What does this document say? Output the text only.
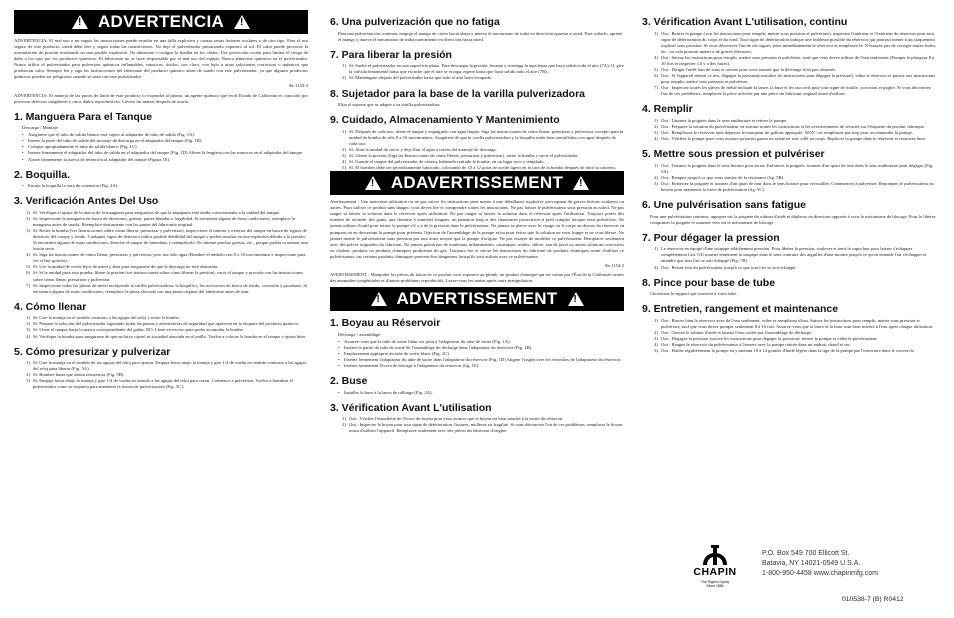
! ADVERTENCIA !

ADVERTENCIA: El mal uso o no seguir las instrucciones puede resultar en una falla explosiva y causar serias lesiones oculares o de otro tipo. Para el uso seguro de este producto, usted debe leer y seguir todas las instrucciones. No deje el pulverizador presurizado expuesto al sol. El calor puede provocar la acumulación de presión resultando en una posible explosión. No almacene o cuelgue la bomba en los cables. Use protección ocular para limitar el riesgo de daño a los ojos por los productos químicos. El fabricante no se hace responsable por el mal uso del equipo. Nunca almacene químicos en el pulverizador. Nunca utilice el pulverizador para pulverizar químicos inflamables, cáusticos, ácidos, con cloro, con lejía u otras soluciones corrosivas o químicos que produzcan calor. Siempre lea y siga las instrucciones del fabricante del producto químico antes de usarlo con este pulverizador, ya que algunos productos químicos pueden ser peligrosos cuando se usan con este pulverizador.

Sk-1154-3

ADVERTENCIA: El manejo de las partes de latón de este producto lo expondrá al plomo, un agente químico que en el Estado de California es conocido por provocar defectos congénitos y otros daños reproductivos. Lávese las manos después de usarlo.

1. Manguera Para el Tanque
Descarga / Montaje
• Asegúrese que el tubo de salida blanco esté sujeto al adaptador de tubo de salida (Fig. 1A).
• Inserte la parte del tubo de salida del montaje de descarga en el adaptador del tanque (Fig. 1B).
• Coloque apropiadamente el tubo de salida blanco (Fig. 1C).
• Inserte firmemente el adaptador del tubo de salida en el adaptador del tanque (Fig. 1D) Alinee la lengüeta con las muescas en el adaptador del tanque.
• Ajuste firmemente la tuerca de retención al adaptador del tanque (Figura 1E).
2. Boquilla.
• Encaje la boquilla la vara de extensión (Fig. 2A).
3. Verificación Antes Del Uso
1) Sí: Verifique el ajuste de la tuerca de la manguera para asegurarse de que la manguera esté unida correctamente a la unidad del tanque.
2) Sí: Inspeccione la manguera en busca de desviones, grietas, partes blandas o fragilidad. Si encuentra alguna de estas condiciones, reemplace la manguera antes de usarla. Reemplace únicamente con las partes del fabricante original.
3) Sí: Retire la bomba (ver Instrucciones sobre cómo liberar, presurizar y pulverizar), inspeccione el interior y exterior del tanque en busca de signos de deterioro del cuerpo y fondo. Cualquier signo de deterioro indica posible debilidad del tanque y podría resultar en una explosión debido a la presión. Si encuentra alguna de estas condiciones, deseche el tanque de inmediato y reemplácelo. No intente parchar grietas, etc., porque podría ocasionar una lesión seria.
4) Sí: Siga las instrucciones de cómo llenar, presurizar y pulverizar, pero use sólo agua (Bombee el émbolo con 8 o 10 movimientos e inspeccione para ver si hay goteras).
5) Sí: Use la unidad de cierre lejos de usted y abra para asegurarse de que la descarga no esté obstruida.
6) Sí: Si la unidad pasa esta prueba, libere la presión (ver instrucciones sobre cómo liberar la presión), vacíe el tanque y proceda con las instrucciones sobre cómo llenar, presurizar y pulverizar.
7) Sí: Inspeccione todas las piezas de metal incluyendo la varilla pulverizadora, la boquilla y los accesorios en busca de óxido, corrosión y picaduras. Si encuentra alguna de estas condiciones, reemplace la pieza afectada con una pieza original del fabricante antes de usar.
4. Cómo llenar
1) Sí: Gire la manija en el sentido contrario a las agujas del reloj y retire la bomba.
2) Sí: Prepare la solución del pulverizador siguiendo todas las pautas y advertencias de seguridad que aparecen en la etiqueta del producto químico.
3) Sí: Llene el tanque hasta la marca correspondiente del galón. NO: Llene en exceso para poder acomodar la bomba.
4) Sí: Verifique la bomba para asegurarse de que no haya cópsel ni suciedad atascada en el anillo. Vuelva a colocar la bomba en el tanque y ajuste bien.
5. Cómo presurizar y pulverizar
1) Sí: Gire la manija en el sentido de las agujas del reloj para ajustar. Empuje hacia abajo la manija y gire 1/4 de vuelta en sentido contrario a las agujas del reloj para liberar (Fig. 5A).
2) Sí: Bombee hasta que sienta resistencia (Fig. 5B).
3) Sí: Empuje hacia abajo la manija y gire 1/4 de vuelta en sentido a las agujas del reloj para cerrar. Comience a pulverizar. Vuelva a bombear el pulverizador como se requiera para mantener la fuerza de pulverización (Fig. 5C).
6. Una pulverización que no fatiga
Para una pulverización continua, empuje el mango de cierre hacia abajo y mueva el mecanismo de traba en dirección opuesta a usted. Para soltarlo, apriete el mango y mueva el mecanismo de traba nuevamente en dirección hacia usted.
7. Para liberar la presión
1) Sí: Suelte el pulverizador en una superficie plana. Para descargar la presión, levante y sostenga la tapa hasta que haya salido todo el aire (7A). O, gire la válvula lentamente hasta que escuche que el aire se escapa, espere hasta que haya salido todo el aire (7B).
2) Sí: Manténgase alejado del pulverizador hasta que todo el aire haya escapado.
8. Sujetador para la base de la varilla pulverizadora
Elija el soporte que se adapte a su varilla pulverizadora.
9. Cuidado, Almacenamiento Y Mantenimiento
1) Sí: Después de cada uso, drene el tanque y enjuáguelo con agua limpia. Siga las instrucciones de cómo llenar, presurizar y pulverizar, excepto para la unidad de bomba de sólo 8 a 10 movimientos. Asegúrese de que la varilla pulverizadora y la boquilla estén bien atornilladas con agua después de cada uso.
2) Sí: Abra la unidad de cierre y deje fluir el agua a través del montaje de descarga.
3) Sí: Libere la presión (Siga las Instrucciones de cómo liberar, presurizar y pulverizar), retire la bomba y vacíe el pulverizador.
4) Sí: Guarde el tanque del pulverizador de cabeza, habiendo retirado la bomba, en un lugar seco y templado.
5) Sí: El bombeo debe ser periódicamente lubricado, colocando de 10 a 12 gotas de aceite ligero en la cara de la bomba después de abrir la cubierta.
! ADAVERTISSEMENT !

Avertissement : Une mauvaise utilisation ou ne pas suivre les instructions peut mener à une défaillance explosive provoquant de graves lésions oculaires ou autres. Pour utiliser ce produit sans danger, vous devez lire et comprendre toutes les instructions. Ne pas laisser le pulvérisateur sous pression au soleil. Ne pas ranger ni laisser la solution dans le réservoir après utilisation. Ne pas ranger ni laisser la solution dans le réservoir après l'utilisation. Toujours porter des lunettes de sécurité, des gants, une chemise à manches longues, un pantalon long et des chaussures protectrices à pied complet lorsque vous pulvérisez. Ne jamais utiliser d'outil pour retirer la pompe s'il y a de la pression dans le pulvérisateur. Ne jamais se placer avec le visage ou le corps au-dessus du réservoir en pompant ou en desserrant la pompe pour prévenir l'éjection de l'assemblage de la pompe et/ou pour éviter que la solution ne vous frappe et ne vous blesse. Ne jamais mettre le pulvérisateur sous pression par tout autre moyen que la pompe d'origine. Ne pas essayer de modifier ce pulvérisateur. Remplacer seulement avec des pièces originales du fabricant. Ne jamais pulvériser de matériaux inflammables, caustiques, acides, chlore, eau de javel ou autres solutions corrosives ou chaleur, produits ou produits chimiques produisant du gaz. Toujours lire et suivre les instructions du fabricant de produits chimiques avant d'utiliser ce pulvérisateur, car certains produits chimiques peuvent être dangereux lorsqu'ils sont utilisés avec ce pulvérisateur.

Sk-1154-2

AVERTISSEMENT : Manipuler les pièces de laiton de ce produit vous exposera au plomb, un produit chimique qui est connu par l'État de la Californie causer des anomalies congénitales et d'autres problèmes reproductifs. Lavez-vous les mains après toute manipulation.

! ADVERTISSEMENT !
1. Boyau au Réservoir
Décharge / assemblage
• Assurez-vous que le tube de sortie blanc est joint à l'adaptateur du tube de sortie (Fig. 1A).
• Insérez la partie du tube de sortie de l'assemblage de décharge dans l'adaptateur du réservoir (Fig. 1B).
• Emplacement approprié du tube de sortie blanc (Fig. 1C).
• Insérez fermement l'adaptateur du tube de sortie dans l'adaptateur du réservoir (Fig. 1D) Aligner l'onglet avec les encoches de l'adaptateur du réservoir.
• Insérez fermement l'écrou de blocage à l'adaptateur du réservoir (fig. 1E).
2. Buse
• Installer la buse à la lance de rallonge (Fig. 2A).
3. Vérification Avant L'utilisation
1) Oui : Vérifier l'étanchéité de l'écrou du boyau pour vous assurer que le boyau est bien attaché à la sortie du réservoir.
2) Oui : Inspecter le boyau pour tout signe de détérioration, fissures, mollesse ou fragilité. Si vous découvrez l'un de ces problèmes, remplacer le boyau avant d'utiliser l'appareil. Remplacez seulement avec des pièces du fabricant d'origine.
3. Vérification Avant L'utilisation, continu
3) Oui : Retirer la pompe (voir les instructions pour remplir, mettre sous pression et pulvériser), inspectez l'intérieur et l'extérieur du réservoir pour tout signe de détérioration du corps et du fond. Tout signe de détérioration indique une faiblesse possible du réservoir qui pourrait mener à un claquement explosif sous pression. Si vous découvrez l'un de ces signes, jetez immédiatement le réservoir et remplacez-le. N'essayez pas de corriger toutes fuites, etc. car cela pourrait mener à de graves blessures.
4) Oui : Suivez les instructions pour remplir, mettre sous pression et pulvériser, sauf que vous devez utiliser de l'eau seulement (Pomper le plongeur 8 à 10 fois et inspecter s'il y a des fuites).
5) Oui : Diriger l'arrêt loin de vous et ouvrez pour vous assurer que la décharge n'est pas obstruée.
6) Oui : Si l'appareil réussit ce test, dégagez la pression(consultez les instructions pour dégager la pression), videz le réservoir et passez aux instructions pour remplir, mettre sous pression et pulvériser.
7) Oui : Inspectez toutes les pièces de métal incluant la lance, la buse et les raccords pour tout signe de rouille, corrosion et piqûre. Si vous découvrez l'un de ces problèmes, remplacez la pièce affectée par une pièce du fabricant original avant d'utiliser.
4. Remplir
1) Oui : Tournez la poignée dans le sens antihoraire et retirez la pompe.
2) Oui : Préparez la solution du pulvérisateur en suivant toutes les instructions et les avertissements de sécurité sur l'étiquette du produit chimique.
3) Oui : Remplissez le réservoir sans dépasser le marqueur de gallons approprié. NON : ne remplissez pas trop pour accommoder la pompe.
4) Oui : Vérifiez la pompe pour vous assurer qu'aucun gazon ou saleté ne soit collé au corps. Replacez la pompe dans le réservoir et resserrez bien.
5. Mettre sous pression et pulvériser
1) Oui : Tournez la poignée dans le sens horaire pour serrer. Enfoncez la poignée, tournez d'un quart de tour dans le sens antihoraire pour dégager (Fig. 5A).
2) Oui : Pompez jusqu'à ce que vous sentiez de la résistance (fig. 5B).
3) Oui : Enfoncez la poignée et tournez d'un quart de tour dans le sens horaire pour verrouiller. Commencez à pulvériser. Repompez le pulvérisateur au besoin pour maintenir la force de pulvérisation (fig. 5C).
6. Une pulvérisation sans fatigue
Pour une pulvérisation continue, appuyez sur la poignée du robinet d'arrêt et déplacez en direction opposée à vous le mécanisme de blocage. Pour le libérer, comprimer la poignée et ramener vers soi le mécanisme de blocage.
7. Pour dégager la pression
1) Le réservoir en équipé d'une soupape relâchement pression. Pour libérer la pression, soulever et tenir le capuchon pour laisser s'échapper complètement l'air. OU tourner lentement la soupape dans le sens contraire des aiguilles d'une montre jusqu'à ce qu'on entende l'air s'échapper et attendre que tout l'air se soit échappé (Fig. 7B).
2) Oui : Restez loin du pulvérisateur jusqu'à ce que tout l'air se soit échappé.
8. Pince pour base de tube
Choisissez le support qui convient à votre tube.
9. Entretien, rangement et maintenance
1) Oui : Rincez bien le réservoir avec de l'eau seulement, videz et remplissez d'eau. Suivez les instructions pour remplir, mettre sous pression et pulvériser, sauf que vous devez pomper seulement 8 à 10 fois. Assurez-vous que la lance et la buse sont bien rincées à l'eau après chaque utilisation.
2) Oui : Ouvrez le robinet d'arrêt et laissez l'eau couler par l'assemblage de décharge.
3) Oui : Dégagez la pression (suivez les instructions pour dégager la pression), retirez la pompe et videz le pulvérisateur.
4) Oui : Rangez le réservoir du pulvérisateur à l'envers avec la pompe retirée dans un endroit chaud et sec.
5) Oui : Huilez régulièrement la pompe en y mettant 10 à 12 gouttes d'huile légère dans la tige de la pompe par l'ouverture dans le couvercle.
CHAPIN
The Right to Spray
Since 1884
P.O. Box 549 700 Ellicott St.
Batavia, NY 14021-0549 U.S.A.
1-800-950-4458 www.chapinmfg.com
010538-7 (B) R0412
